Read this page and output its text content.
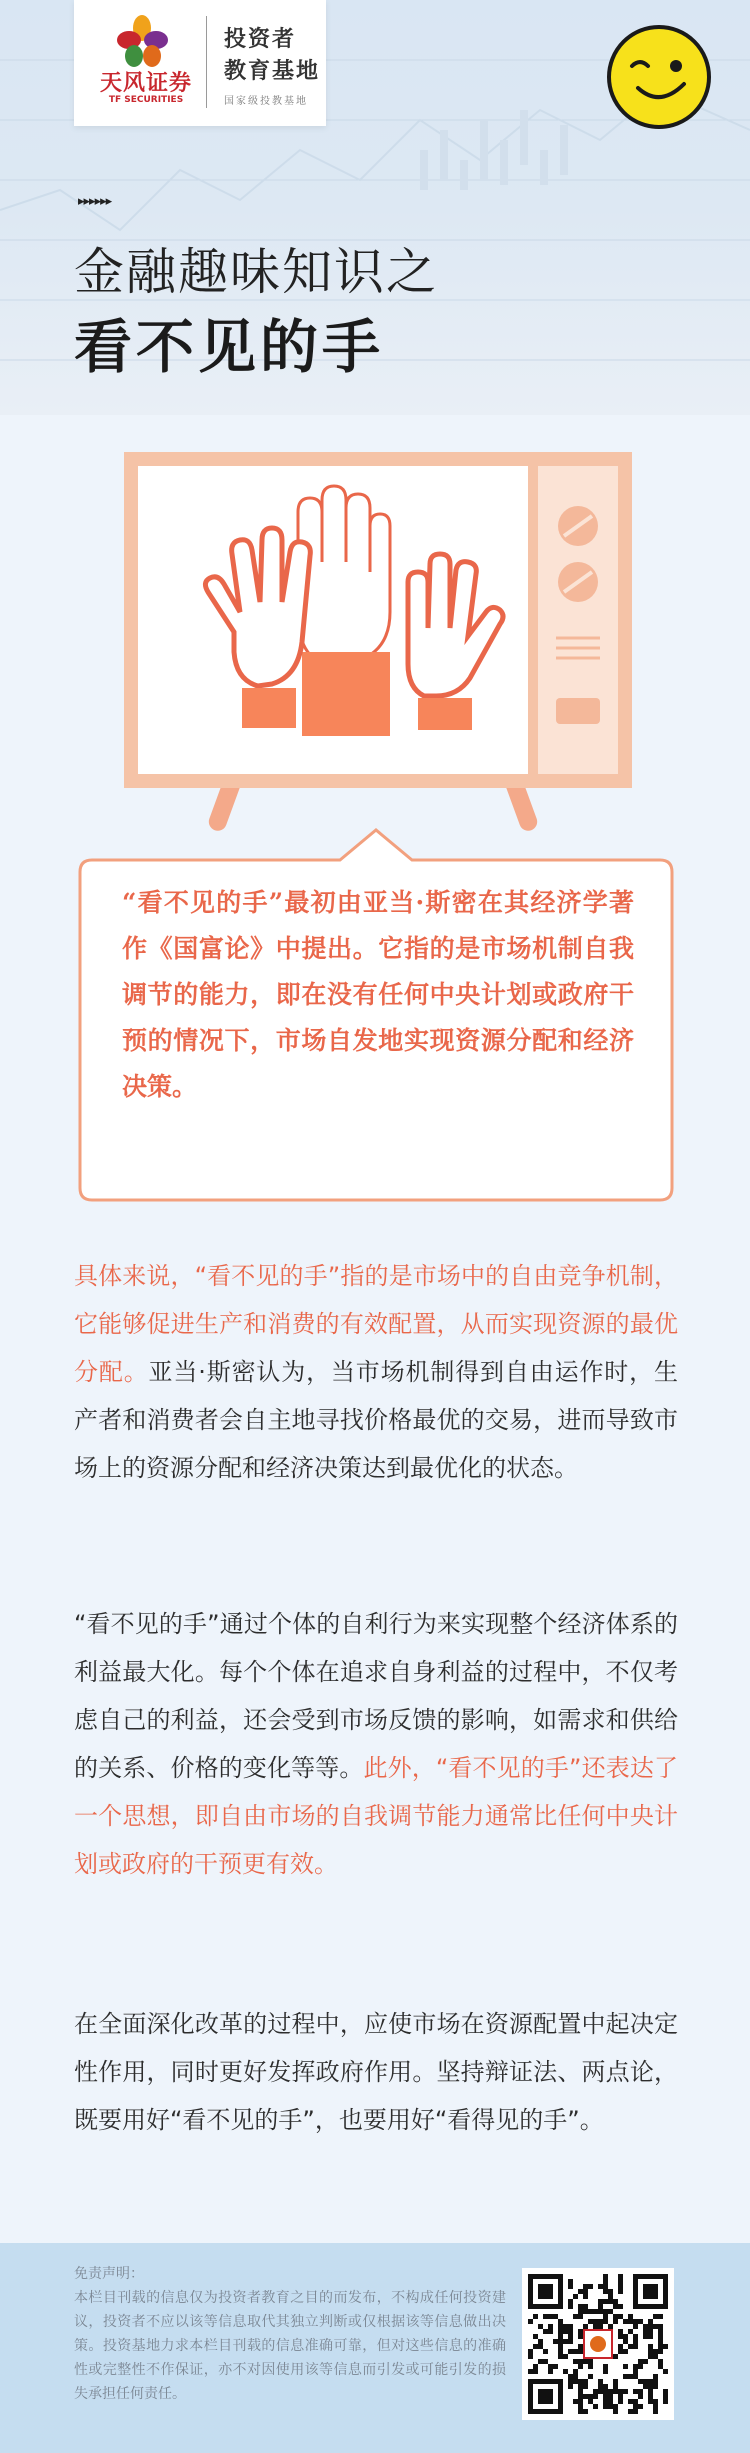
天风证券
TF SECURITIES
投资者
教育基地
国家级投教基地
▸▸▸▸▸▸
金融趣味知识之
看不见的手
“看不见的手”最初由亚当·斯密在其经济学著作《国富论》中提出。它指的是市场机制自我调节的能力，即在没有任何中央计划或政府干预的情况下，市场自发地实现资源分配和经济决策。
具体来说，“看不见的手”指的是市场中的自由竞争机制，它能够促进生产和消费的有效配置，从而实现资源的最优分配。亚当·斯密认为，当市场机制得到自由运作时，生产者和消费者会自主地寻找价格最优的交易，进而导致市场上的资源分配和经济决策达到最优化的状态。
“看不见的手”通过个体的自利行为来实现整个经济体系的利益最大化。每个个体在追求自身利益的过程中，不仅考虑自己的利益，还会受到市场反馈的影响，如需求和供给的关系、价格的变化等等。此外，“看不见的手”还表达了一个思想，即自由市场的自我调节能力通常比任何中央计划或政府的干预更有效。
在全面深化改革的过程中，应使市场在资源配置中起决定性作用，同时更好发挥政府作用。坚持辩证法、两点论，既要用好“看不见的手”，也要用好“看得见的手”。
免责声明：
本栏目刊载的信息仅为投资者教育之目的而发布，不构成任何投资建议，投资者不应以该等信息取代其独立判断或仅根据该等信息做出决策。投资基地力求本栏目刊载的信息准确可靠，但对这些信息的准确性或完整性不作保证，亦不对因使用该等信息而引发或可能引发的损失承担任何责任。
